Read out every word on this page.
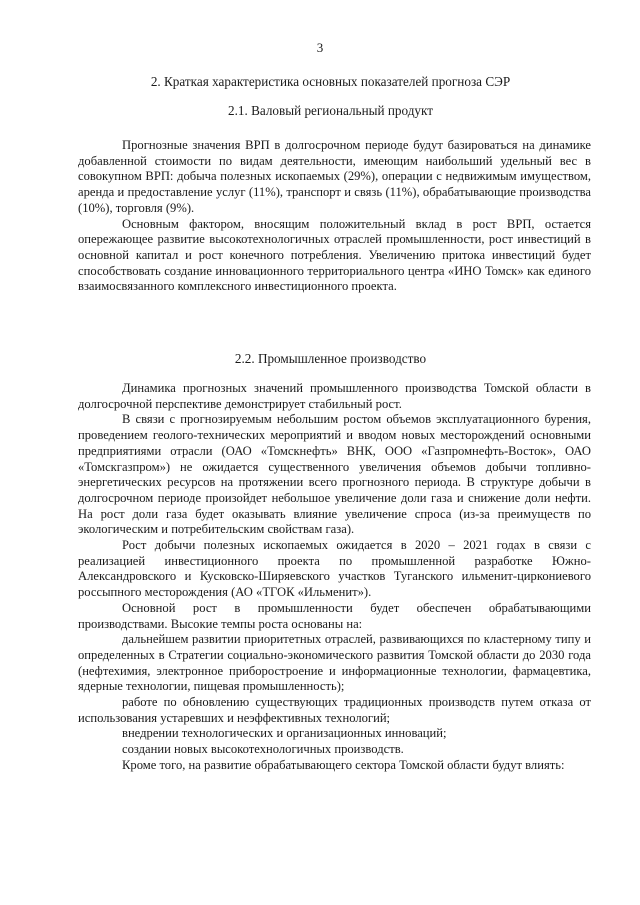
3
2. Краткая характеристика основных показателей прогноза СЭР
2.1. Валовый региональный продукт

Прогнозные значения ВРП в долгосрочном периоде будут базироваться на динамике добавленной стоимости по видам деятельности, имеющим наибольший удельный вес в совокупном ВРП: добыча полезных ископаемых (29%), операции с недвижимым имуществом, аренда и предоставление услуг (11%), транспорт и связь (11%), обрабатывающие производства (10%), торговля (9%).

Основным фактором, вносящим положительный вклад в рост ВРП, остается опережающее развитие высокотехнологичных отраслей промышленности, рост инвестиций в основной капитал и рост конечного потребления. Увеличению притока инвестиций будет способствовать создание инновационного территориального центра «ИНО Томск» как единого взаимосвязанного комплексного инвестиционного проекта.

2.2. Промышленное производство

Динамика прогнозных значений промышленного производства Томской области в долгосрочной перспективе демонстрирует стабильный рост.

В связи с прогнозируемым небольшим ростом объемов эксплуатационного бурения, проведением геолого-технических мероприятий и вводом новых месторождений основными предприятиями отрасли (ОАО «Томскнефть» ВНК, ООО «Газпромнефть-Восток», ОАО «Томскгазпром») не ожидается существенного увеличения объемов добычи топливно-энергетических ресурсов на протяжении всего прогнозного периода. В структуре добычи в долгосрочном периоде произойдет небольшое увеличение доли газа и снижение доли нефти. На рост доли газа будет оказывать влияние увеличение спроса (из-за преимуществ по экологическим и потребительским свойствам газа).

Рост добычи полезных ископаемых ожидается в 2020 – 2021 годах в связи с реализацией инвестиционного проекта по промышленной разработке Южно-Александровского и Кусковско-Ширяевского участков Туганского ильменит-циркониевого россыпного месторождения (АО «ТГОК «Ильменит»).

Основной рост в промышленности будет обеспечен обрабатывающими производствами. Высокие темпы роста основаны на:

дальнейшем развитии приоритетных отраслей, развивающихся по кластерному типу и определенных в Стратегии социально-экономического развития Томской области до 2030 года (нефтехимия, электронное приборостроение и информационные технологии, фармацевтика, ядерные технологии, пищевая промышленность);

работе по обновлению существующих традиционных производств путем отказа от использования устаревших и неэффективных технологий;

внедрении технологических и организационных инноваций;

создании новых высокотехнологичных производств.

Кроме того, на развитие обрабатывающего сектора Томской области будут влиять:
